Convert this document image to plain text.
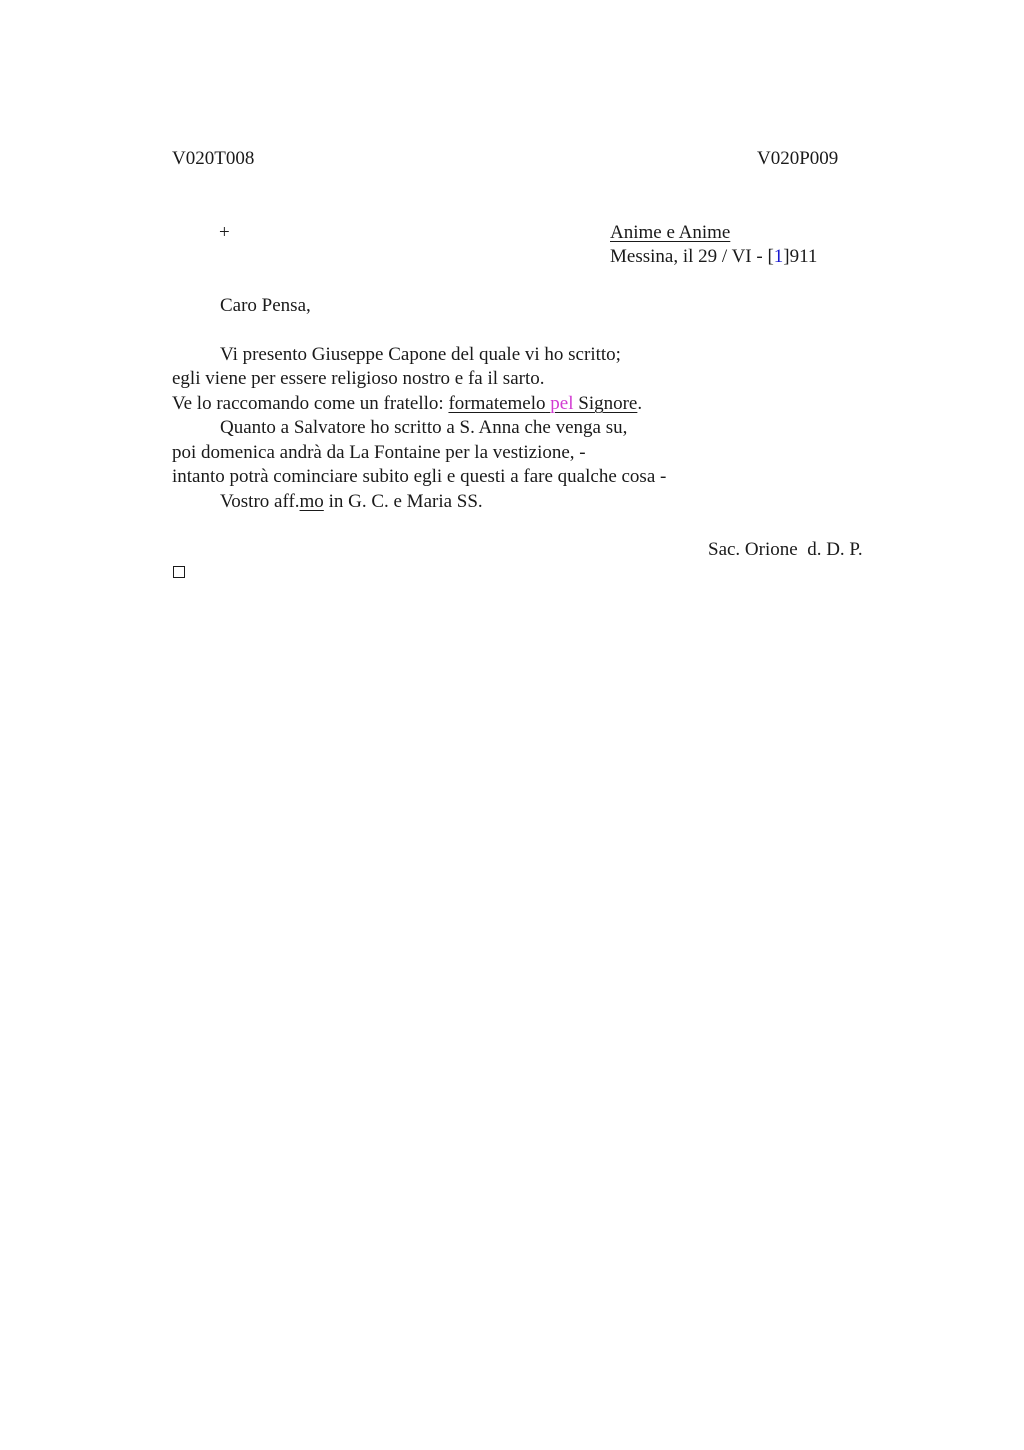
V020T008	V020P009
+	Anime e Anime
Messina, il 29 / VI - [1]911
Caro Pensa,
Vi presento Giuseppe Capone del quale vi ho scritto;
egli viene per essere religioso nostro e fa il sarto.
Ve lo raccomando come un fratello: formatemelo pel Signore.
Quanto a Salvatore ho scritto a S. Anna che venga su,
poi domenica andrà da La Fontaine per la vestizione, -
intanto potrà cominciare subito egli e questi a fare qualche cosa -
Vostro aff.mo in G. C. e Maria SS.
Sac. Orione  d. D. P.
